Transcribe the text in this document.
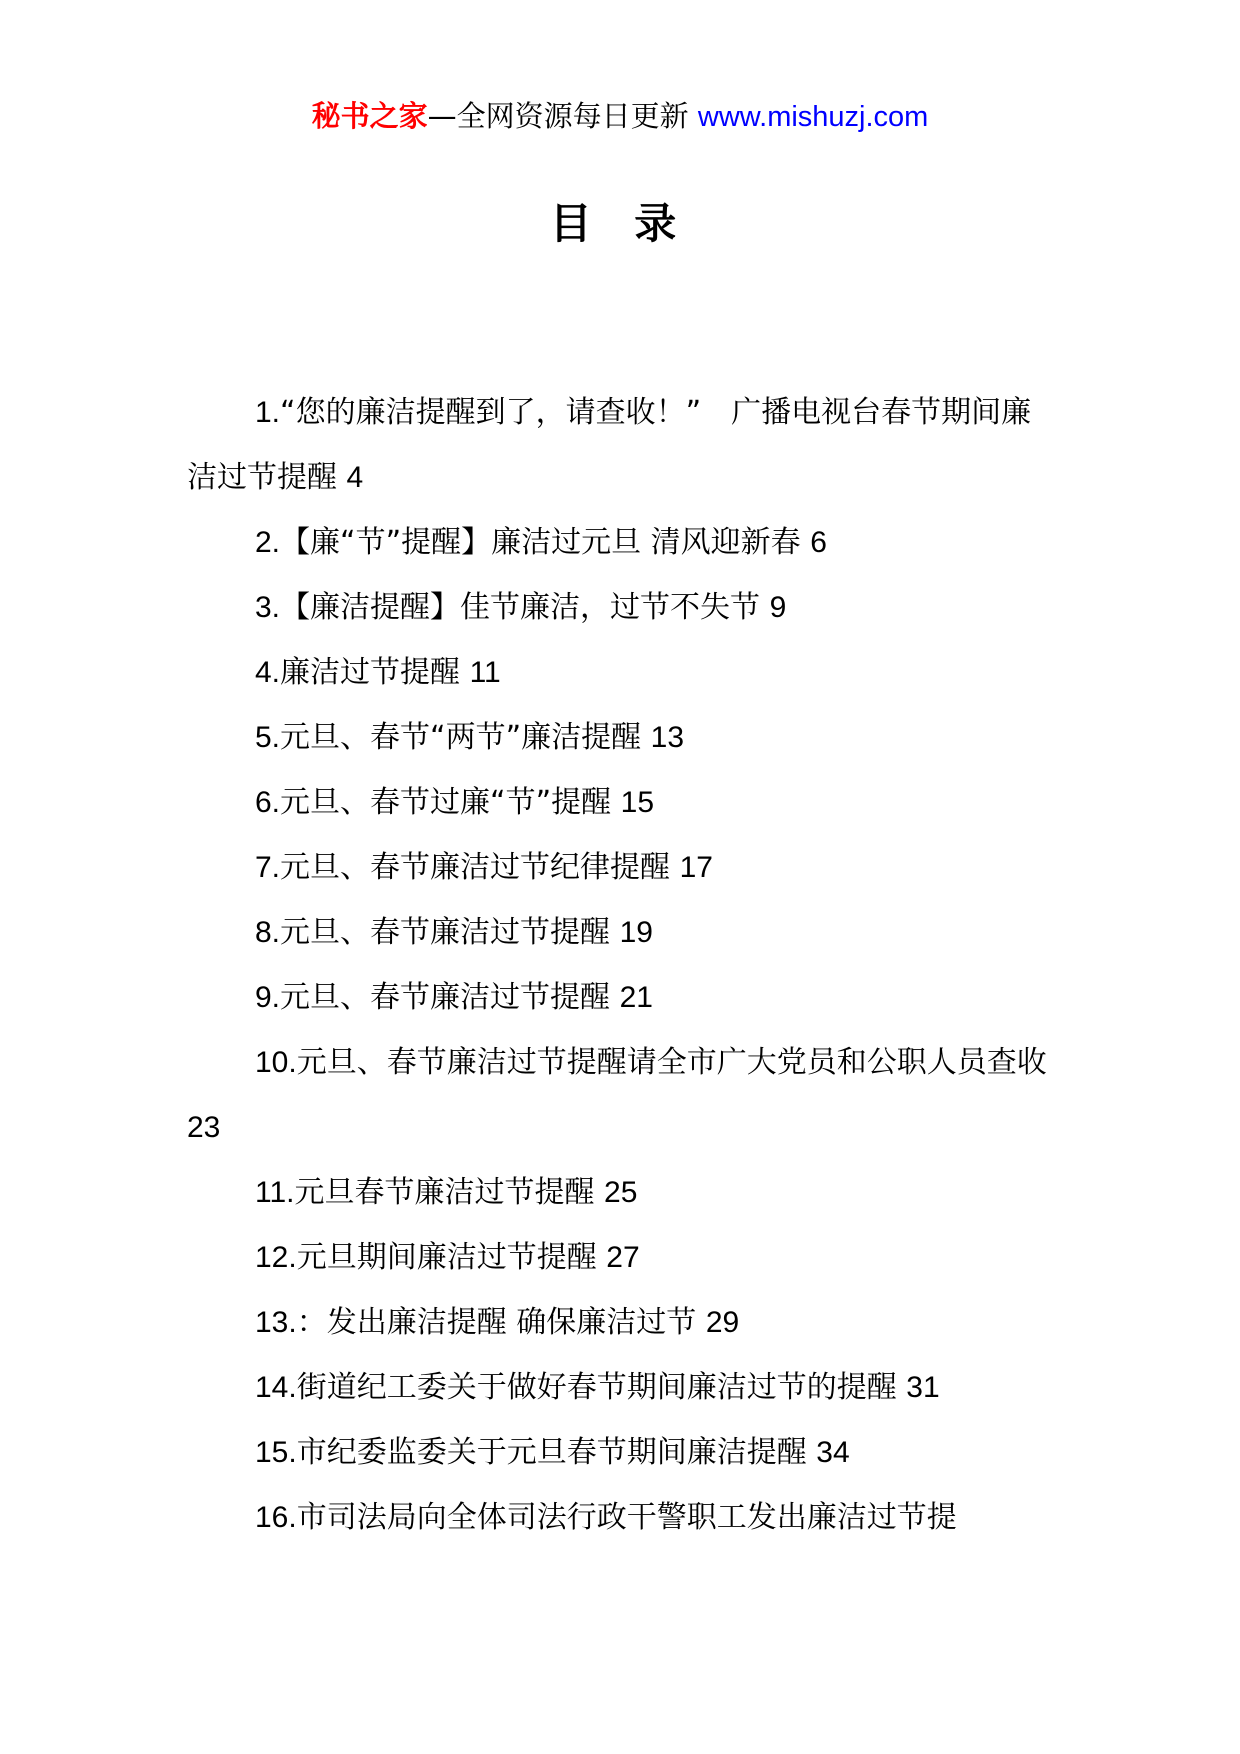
秘书之家—全网资源每日更新 www.mishuzj.com
目 录
1.“您的廉洁提醒到了，请查收！”　广播电视台春节期间廉洁过节提醒 4
2.【廉“节”提醒】廉洁过元旦 清风迎新春 6
3.【廉洁提醒】佳节廉洁，过节不失节 9
4.廉洁过节提醒 11
5.元旦、春节“两节”廉洁提醒 13
6.元旦、春节过廉“节”提醒 15
7.元旦、春节廉洁过节纪律提醒 17
8.元旦、春节廉洁过节提醒 19
9.元旦、春节廉洁过节提醒 21
10.元旦、春节廉洁过节提醒请全市广大党员和公职人员查收 23
11.元旦春节廉洁过节提醒 25
12.元旦期间廉洁过节提醒 27
13.：发出廉洁提醒 确保廉洁过节 29
14.街道纪工委关于做好春节期间廉洁过节的提醒 31
15.市纪委监委关于元旦春节期间廉洁提醒 34
16.市司法局向全体司法行政干警职工发出廉洁过节提
